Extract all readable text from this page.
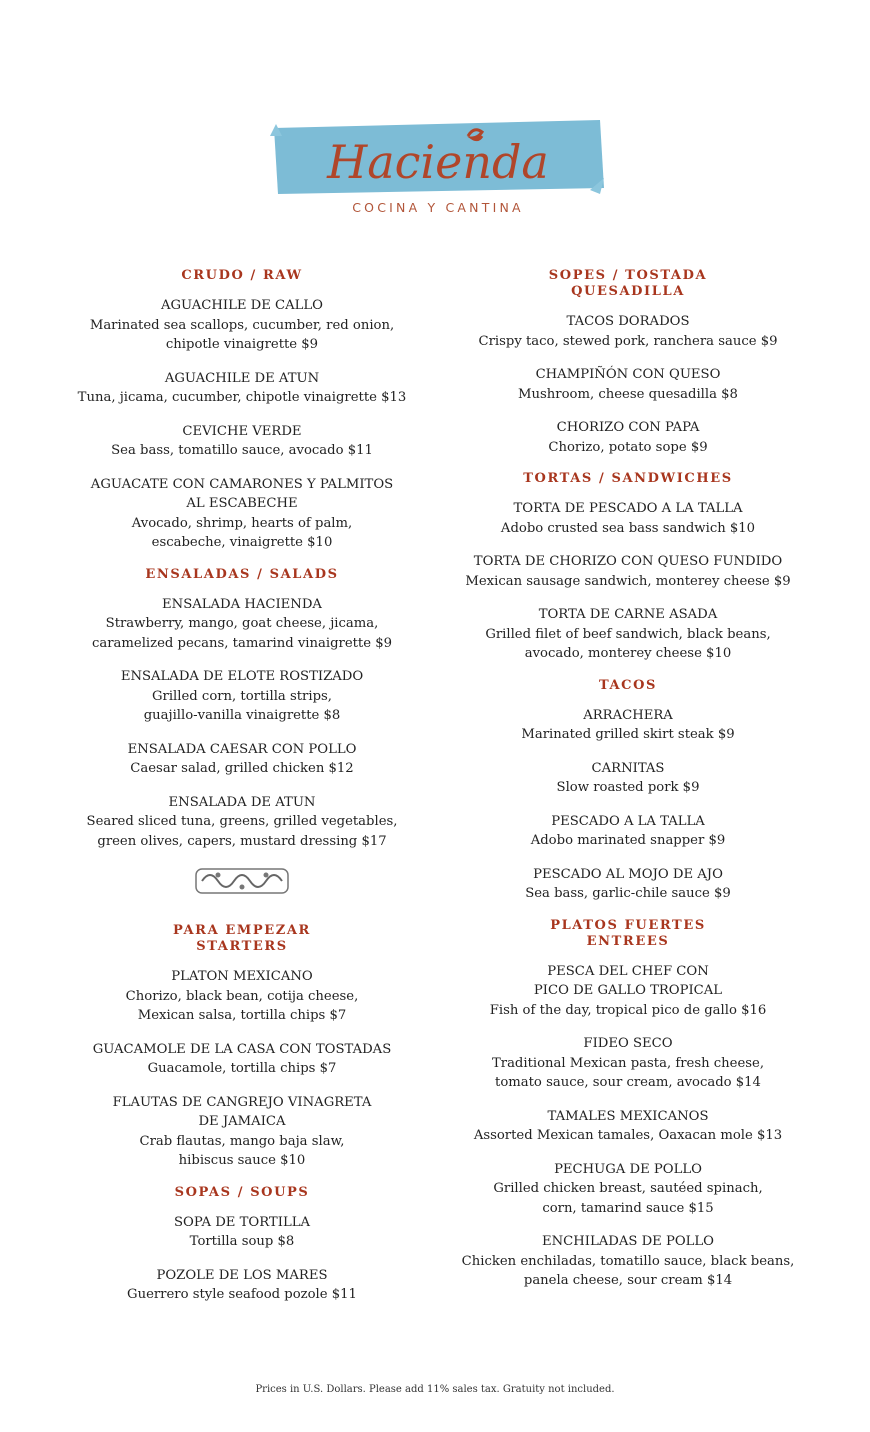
Hacienda
COCINA Y CANTINA
CRUDO / RAW
AGUACHILE DE CALLO
Marinated sea scallops, cucumber, red onion,
chipotle vinaigrette $9
AGUACHILE DE ATUN
Tuna, jicama, cucumber, chipotle vinaigrette $13
CEVICHE VERDE
Sea bass, tomatillo sauce, avocado $11
AGUACATE CON CAMARONES Y PALMITOS
AL ESCABECHE
Avocado, shrimp, hearts of palm,
escabeche, vinaigrette $10
ENSALADAS / SALADS
ENSALADA HACIENDA
Strawberry, mango, goat cheese, jicama,
caramelized pecans, tamarind vinaigrette $9
ENSALADA DE ELOTE ROSTIZADO
Grilled corn, tortilla strips,
guajillo-vanilla vinaigrette $8
ENSALADA CAESAR CON POLLO
Caesar salad, grilled chicken $12
ENSALADA DE ATUN
Seared sliced tuna, greens, grilled vegetables,
green olives, capers, mustard dressing $17
PARA EMPEZAR
STARTERS
PLATON MEXICANO
Chorizo, black bean, cotija cheese,
Mexican salsa, tortilla chips $7
GUACAMOLE DE LA CASA CON TOSTADAS
Guacamole, tortilla chips $7
FLAUTAS DE CANGREJO VINAGRETA
DE JAMAICA
Crab flautas, mango baja slaw,
hibiscus sauce $10
SOPAS / SOUPS
SOPA DE TORTILLA
Tortilla soup $8
POZOLE DE LOS MARES
Guerrero style seafood pozole $11
SOPES / TOSTADA
QUESADILLA
TACOS DORADOS
Crispy taco, stewed pork, ranchera sauce $9
CHAMPIÑÓN CON QUESO
Mushroom, cheese quesadilla $8
CHORIZO CON PAPA
Chorizo, potato sope $9
TORTAS / SANDWICHES
TORTA DE PESCADO A LA TALLA
Adobo crusted sea bass sandwich $10
TORTA DE CHORIZO CON QUESO FUNDIDO
Mexican sausage sandwich, monterey cheese $9
TORTA DE CARNE ASADA
Grilled filet of beef sandwich, black beans,
avocado, monterey cheese $10
TACOS
ARRACHERA
Marinated grilled skirt steak $9
CARNITAS
Slow roasted pork $9
PESCADO A LA TALLA
Adobo marinated snapper $9
PESCADO AL MOJO DE AJO
Sea bass, garlic-chile sauce $9
PLATOS FUERTES
ENTREES
PESCA DEL CHEF CON
PICO DE GALLO TROPICAL
Fish of the day, tropical pico de gallo $16
FIDEO SECO
Traditional Mexican pasta, fresh cheese,
tomato sauce, sour cream, avocado $14
TAMALES MEXICANOS
Assorted Mexican tamales, Oaxacan mole $13
PECHUGA DE POLLO
Grilled chicken breast, sautéed spinach,
corn, tamarind sauce $15
ENCHILADAS DE POLLO
Chicken enchiladas, tomatillo sauce, black beans,
panela cheese, sour cream $14
Prices in U.S. Dollars. Please add 11% sales tax. Gratuity not included.
